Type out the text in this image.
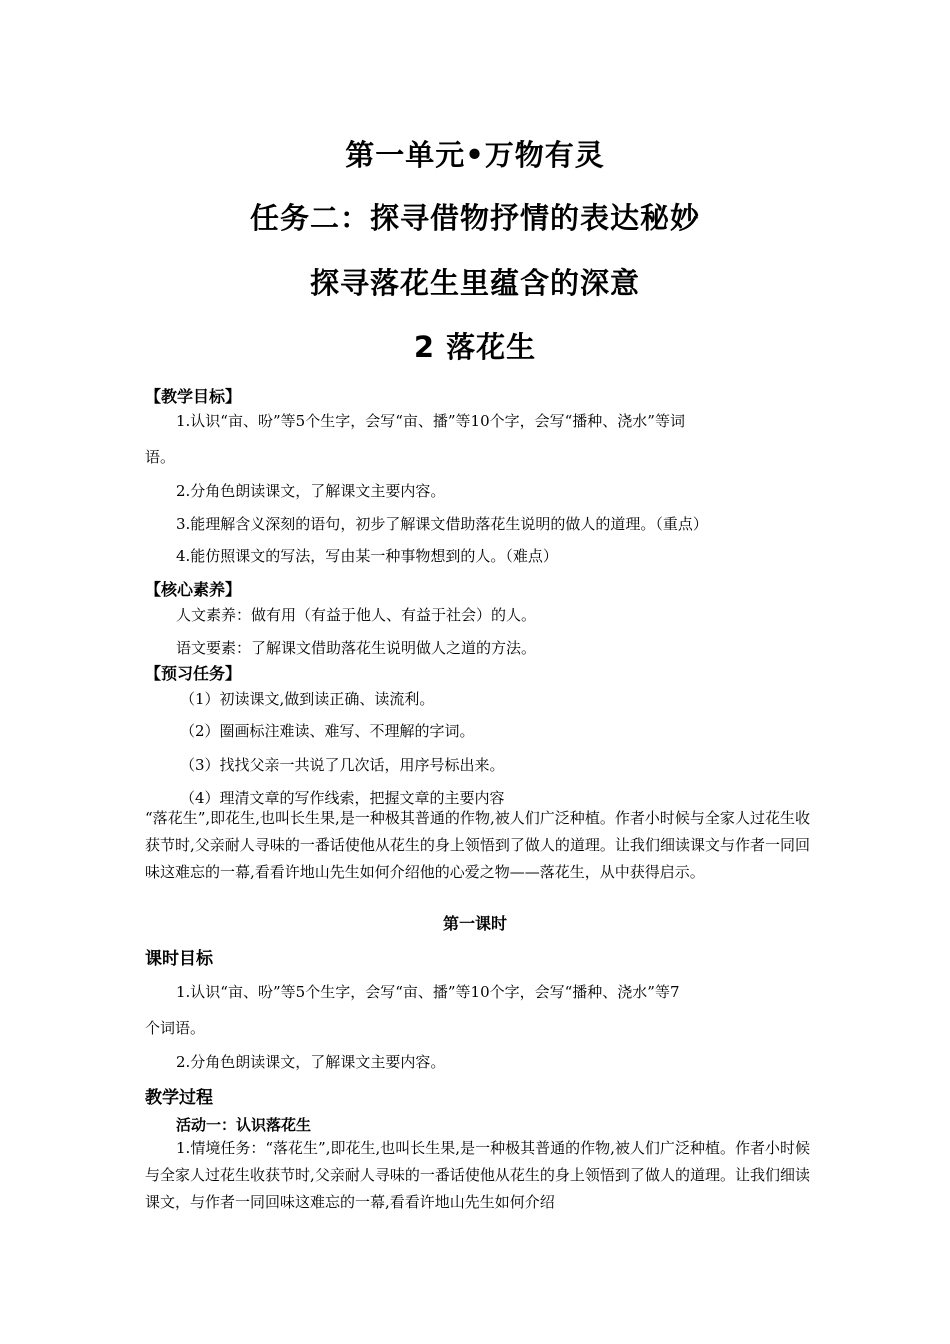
第一单元•万物有灵
任务二：探寻借物抒情的表达秘妙
探寻落花生里蕴含的深意
2 落花生
【教学目标】
1.认识“亩、吩”等5个生字，会写“亩、播”等10个字，会写“播种、浇水”等词
语。
2.分角色朗读课文，了解课文主要内容。
3.能理解含义深刻的语句，初步了解课文借助落花生说明的做人的道理。（重点）
4.能仿照课文的写法，写由某一种事物想到的人。（难点）
【核心素养】
人文素养：做有用（有益于他人、有益于社会）的人。
语文要素：了解课文借助落花生说明做人之道的方法。
【预习任务】
（1）初读课文,做到读正确、读流利。
（2）圈画标注难读、难写、不理解的字词。
（3）找找父亲一共说了几次话，用序号标出来。
（4）理清文章的写作线索，把握文章的主要内容
“落花生”,即花生,也叫长生果,是一种极其普通的作物,被人们广泛种植。作者小时候与全家人过花生收获节时,父亲耐人寻味的一番话使他从花生的身上领悟到了做人的道理。让我们细读课文与作者一同回味这难忘的一幕,看看许地山先生如何介绍他的心爱之物——落花生，从中获得启示。
第一课时
课时目标
1.认识“亩、吩”等5个生字，会写“亩、播”等10个字，会写“播种、浇水”等7
个词语。
2.分角色朗读课文，了解课文主要内容。
教学过程
活动一：认识落花生
1.情境任务：“落花生”,即花生,也叫长生果,是一种极其普通的作物,被人们广泛种植。作者小时候与全家人过花生收获节时,父亲耐人寻味的一番话使他从花生的身上领悟到了做人的道理。让我们细读课文，与作者一同回味这难忘的一幕,看看许地山先生如何介绍
